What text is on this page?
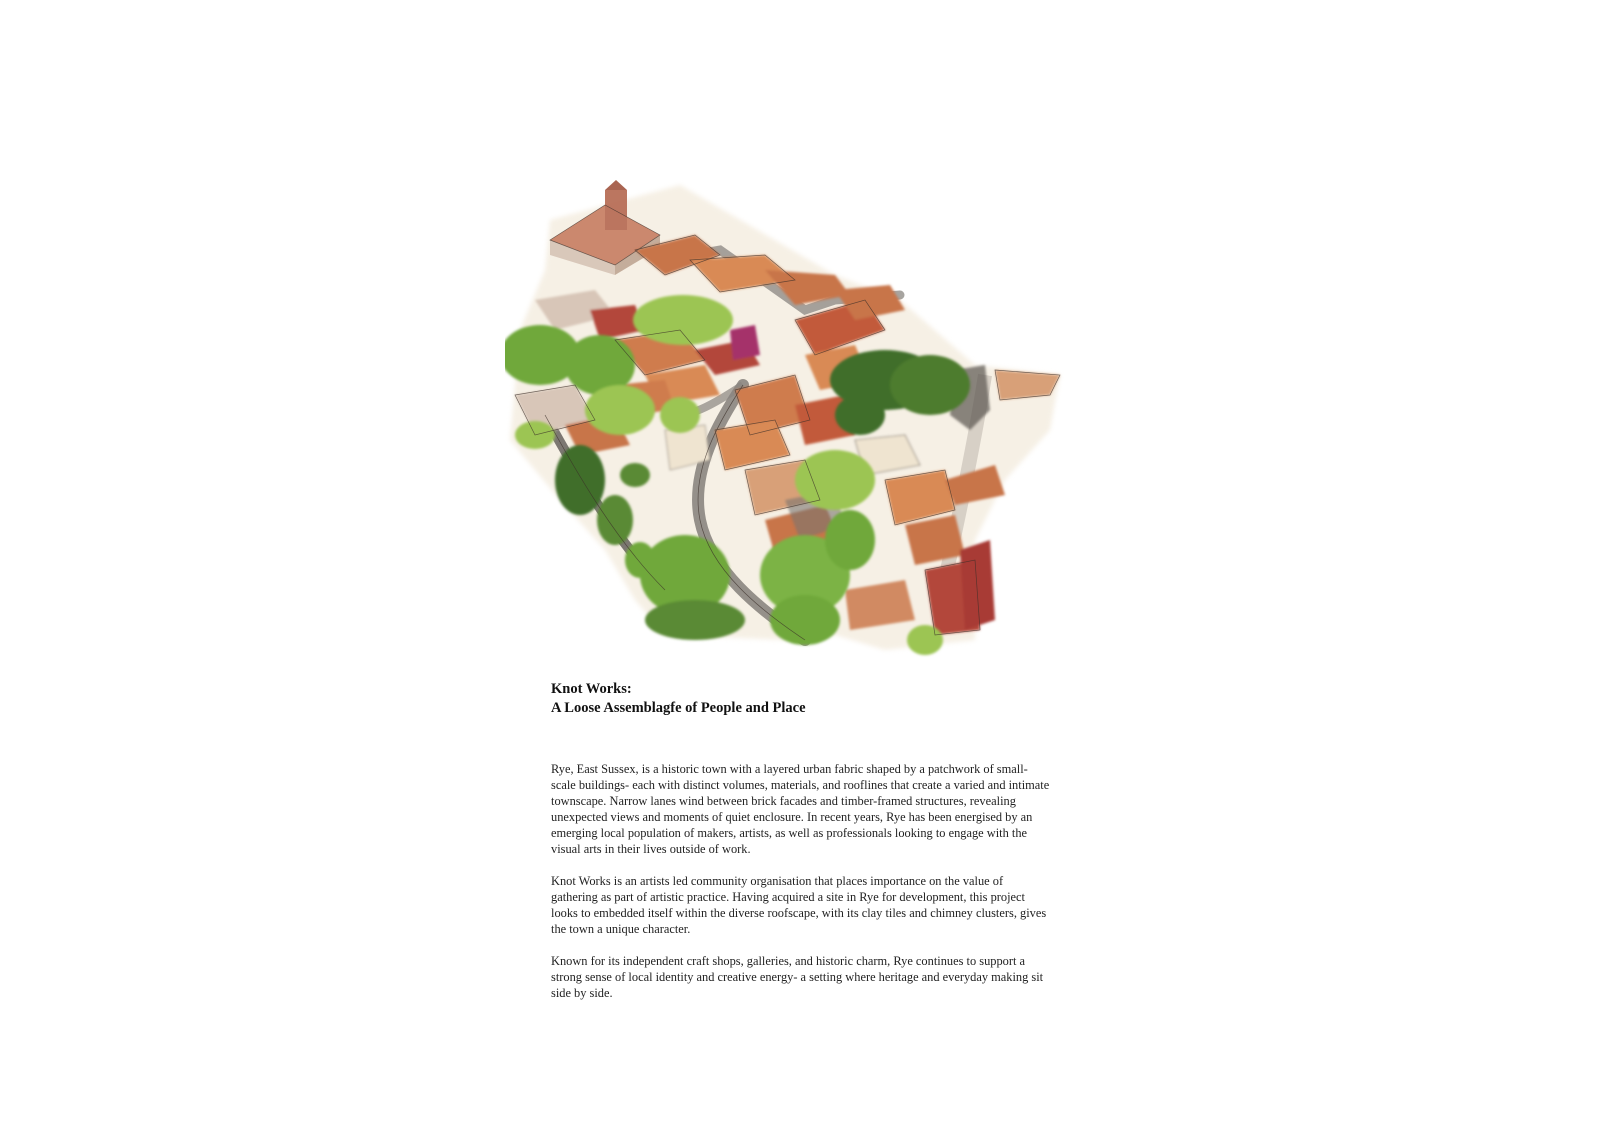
Knot Works:
A Loose Assemblagfe of People and Place

Rye, East Sussex, is a historic town with a layered urban fabric shaped by a patchwork of small-scale buildings- each with distinct volumes, materials, and rooflines that create a varied and intimate townscape. Narrow lanes wind between brick facades and timber-framed structures, revealing unexpected views and moments of quiet enclosure. In recent years, Rye has been energised by an emerging local population of makers, artists, as well as professionals looking to engage with the visual arts in their lives outside of work.

Knot Works is an artists led community organisation that places importance on the value of gathering as part of artistic practice. Having acquired a site in Rye for development, this project looks to embedded itself within the diverse roofscape, with its clay tiles and chimney clusters, gives the town a unique character.

Known for its independent craft shops, galleries, and historic charm, Rye continues to support a strong sense of local identity and creative energy- a setting where heritage and everyday making sit side by side.
